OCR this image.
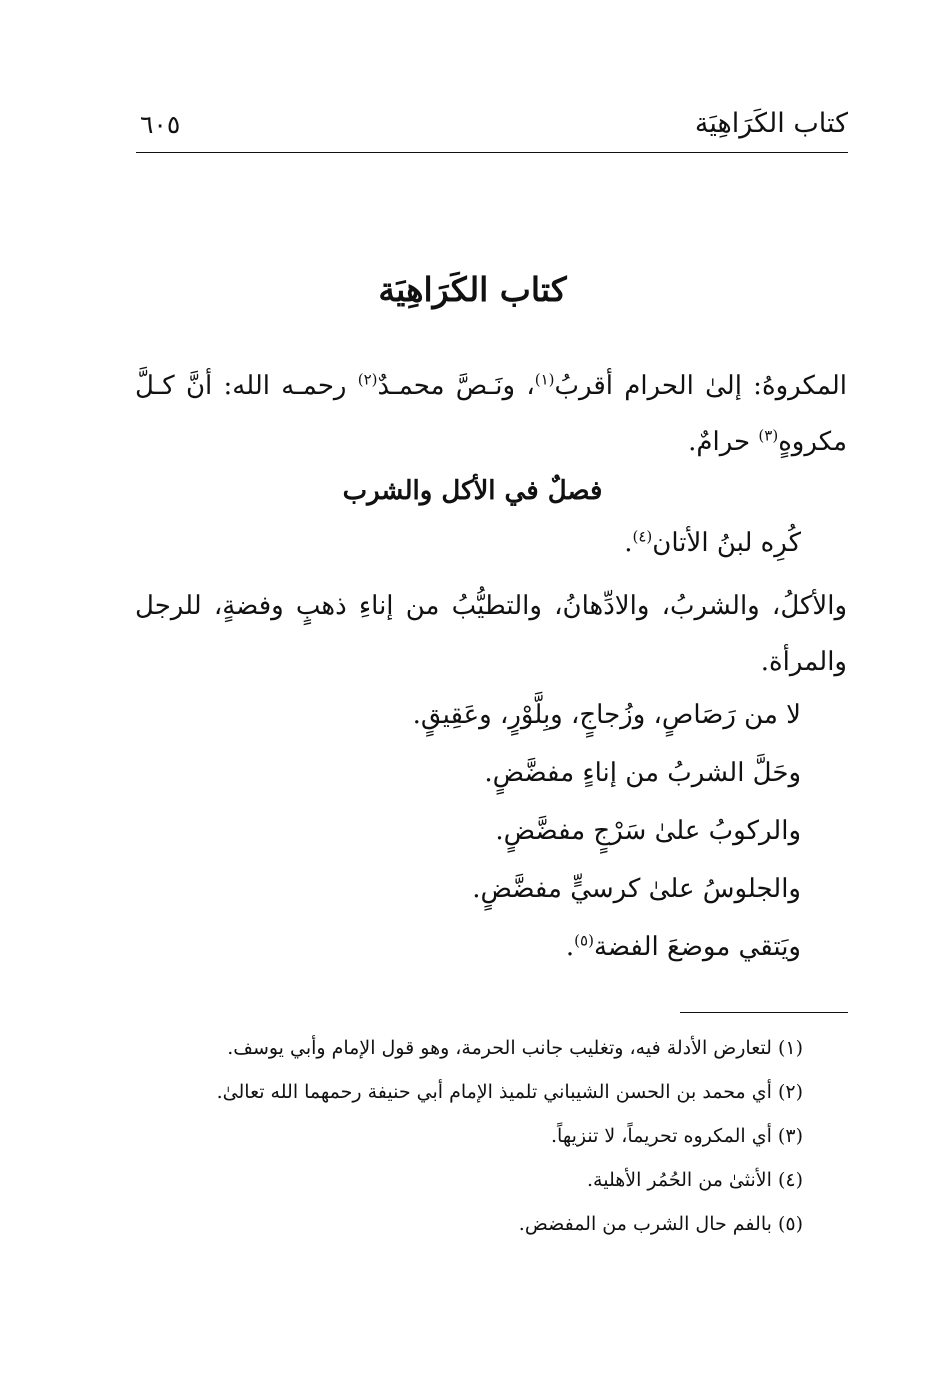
كتاب الكَرَاهِيَة
٦٠٥
كتاب الكَرَاهِيَة
المكروهُ: إلىٰ الحرام أقربُ$^{(١)}$، ونَـصَّ محمـدٌ$^{(٢)}$ رحمـه الله: أنَّ كـلَّ مكروهٍ$^{(٣)}$ حرامٌ.
فصلٌ في الأكل والشرب
كُرِه لبنُ الأتان$^{(٤)}$.
والأكلُ، والشربُ، والادِّهانُ، والتطيُّبُ من إناءِ ذهبٍ وفضةٍ، للرجل والمرأة.
لا من رَصَاصٍ، وزُجاجٍ، وبِلَّوْرٍ، وعَقِيقٍ.
وحَلَّ الشربُ من إناءٍ مفضَّضٍ.
والركوبُ علىٰ سَرْجٍ مفضَّضٍ.
والجلوسُ علىٰ كرسيٍّ مفضَّضٍ.
ويَتقي موضعَ الفضة$^{(٥)}$.
(١) لتعارض الأدلة فيه، وتغليب جانب الحرمة، وهو قول الإمام وأبي يوسف.
(٢) أي محمد بن الحسن الشيباني تلميذ الإمام أبي حنيفة رحمهما الله تعالىٰ.
(٣) أي المكروه تحريماً، لا تنزيهاً.
(٤) الأنثىٰ من الحُمُر الأهلية.
(٥) بالفم حال الشرب من المفضض.
